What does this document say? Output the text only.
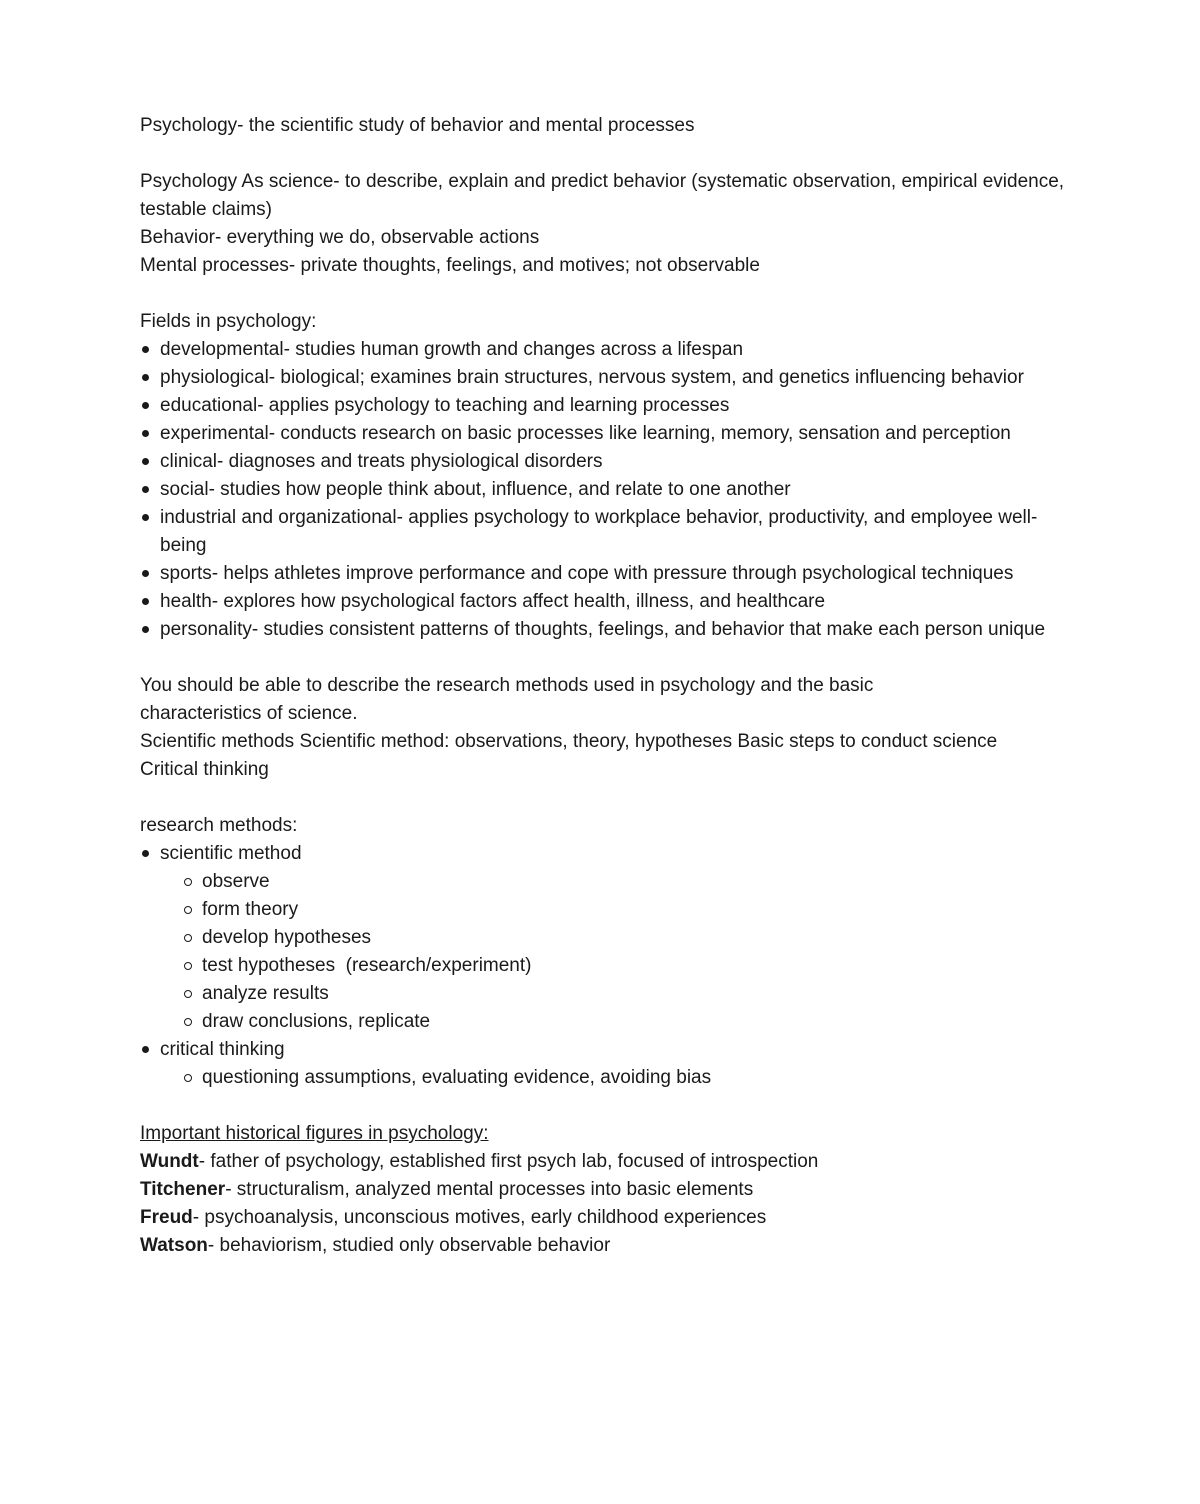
Psychology- the scientific study of behavior and mental processes

Psychology As science- to describe, explain and predict behavior (systematic observation, empirical evidence, testable claims)

Behavior- everything we do, observable actions

Mental processes- private thoughts, feelings, and motives; not observable

Fields in psychology:

developmental- studies human growth and changes across a lifespan
physiological- biological; examines brain structures, nervous system, and genetics influencing behavior
educational- applies psychology to teaching and learning processes
experimental- conducts research on basic processes like learning, memory, sensation and perception
clinical- diagnoses and treats physiological disorders
social- studies how people think about, influence, and relate to one another
industrial and organizational- applies psychology to workplace behavior, productivity, and employee well-being
sports- helps athletes improve performance and cope with pressure through psychological techniques
health- explores how psychological factors affect health, illness, and healthcare
personality- studies consistent patterns of thoughts, feelings, and behavior that make each person unique

You should be able to describe the research methods used in psychology and the basic characteristics of science.

Scientific methods Scientific method: observations, theory, hypotheses Basic steps to conduct science Critical thinking

research methods:

scientific method
observe
form theory
develop hypotheses
test hypotheses  (research/experiment)
analyze results
draw conclusions, replicate
critical thinking
questioning assumptions, evaluating evidence, avoiding bias

Important historical figures in psychology:

Wundt- father of psychology, established first psych lab, focused of introspection

Titchener- structuralism, analyzed mental processes into basic elements

Freud- psychoanalysis, unconscious motives, early childhood experiences

Watson- behaviorism, studied only observable behavior
